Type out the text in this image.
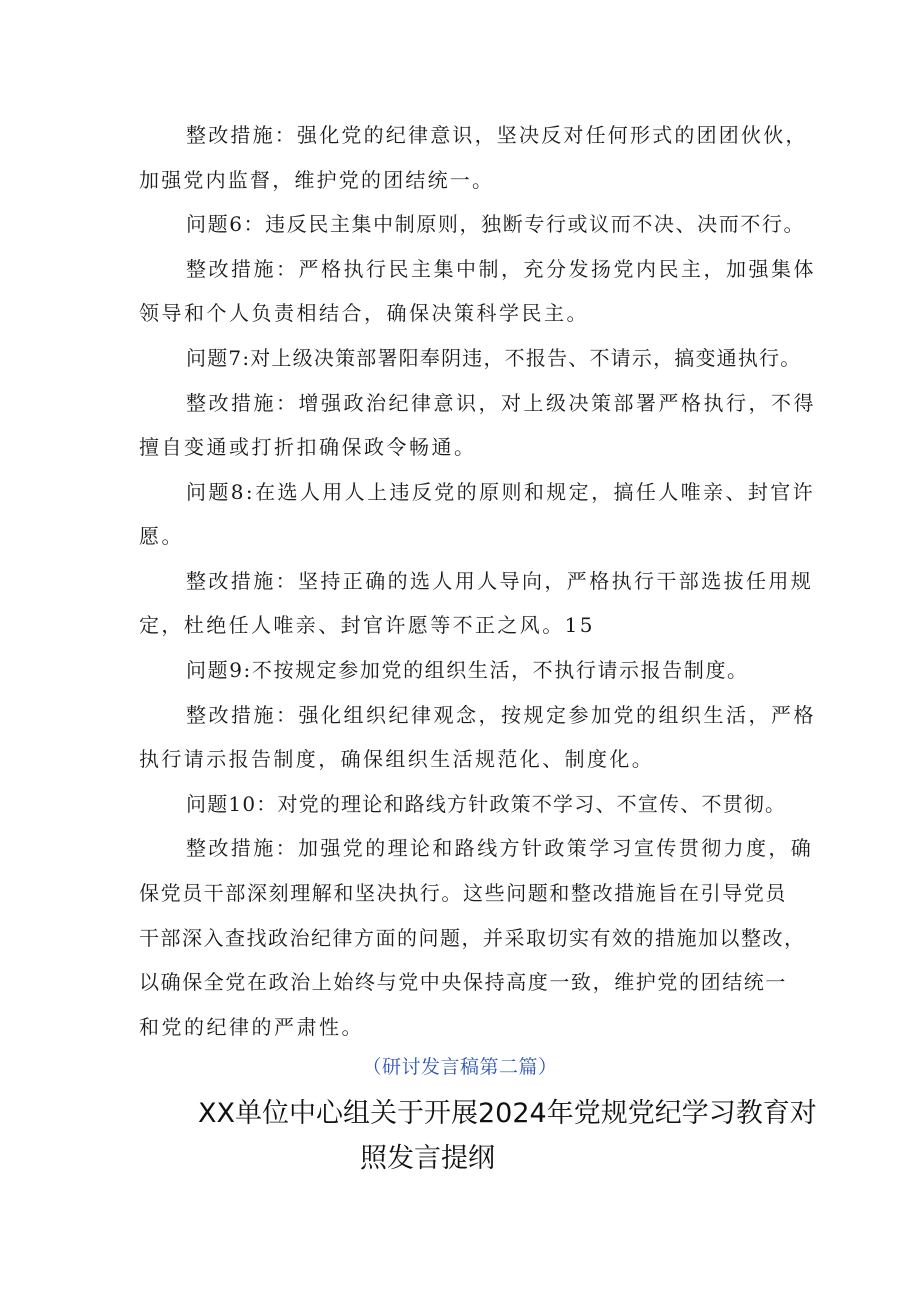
整改措施：强化党的纪律意识，坚决反对任何形式的团团伙伙，
加强党内监督，维护党的团结统一。
问题6：违反民主集中制原则，独断专行或议而不决、决而不行。
整改措施：严格执行民主集中制，充分发扬党内民主，加强集体
领导和个人负责相结合，确保决策科学民主。
问题7:对上级决策部署阳奉阴违，不报告、不请示，搞变通执行。
整改措施：增强政治纪律意识，对上级决策部署严格执行，不得
擅自变通或打折扣确保政令畅通。
问题8:在选人用人上违反党的原则和规定，搞任人唯亲、封官许
愿。
整改措施：坚持正确的选人用人导向，严格执行干部选拔任用规
定，杜绝任人唯亲、封官许愿等不正之风。15
问题9:不按规定参加党的组织生活，不执行请示报告制度。
整改措施：强化组织纪律观念，按规定参加党的组织生活，严格
执行请示报告制度，确保组织生活规范化、制度化。
问题10：对党的理论和路线方针政策不学习、不宣传、不贯彻。
整改措施：加强党的理论和路线方针政策学习宣传贯彻力度，确
保党员干部深刻理解和坚决执行。这些问题和整改措施旨在引导党员
干部深入查找政治纪律方面的问题，并采取切实有效的措施加以整改，
以确保全党在政治上始终与党中央保持高度一致，维护党的团结统一
和党的纪律的严肃性。
（研讨发言稿第二篇）
XX单位中心组关于开展2024年党规党纪学习教育对
照发言提纲
